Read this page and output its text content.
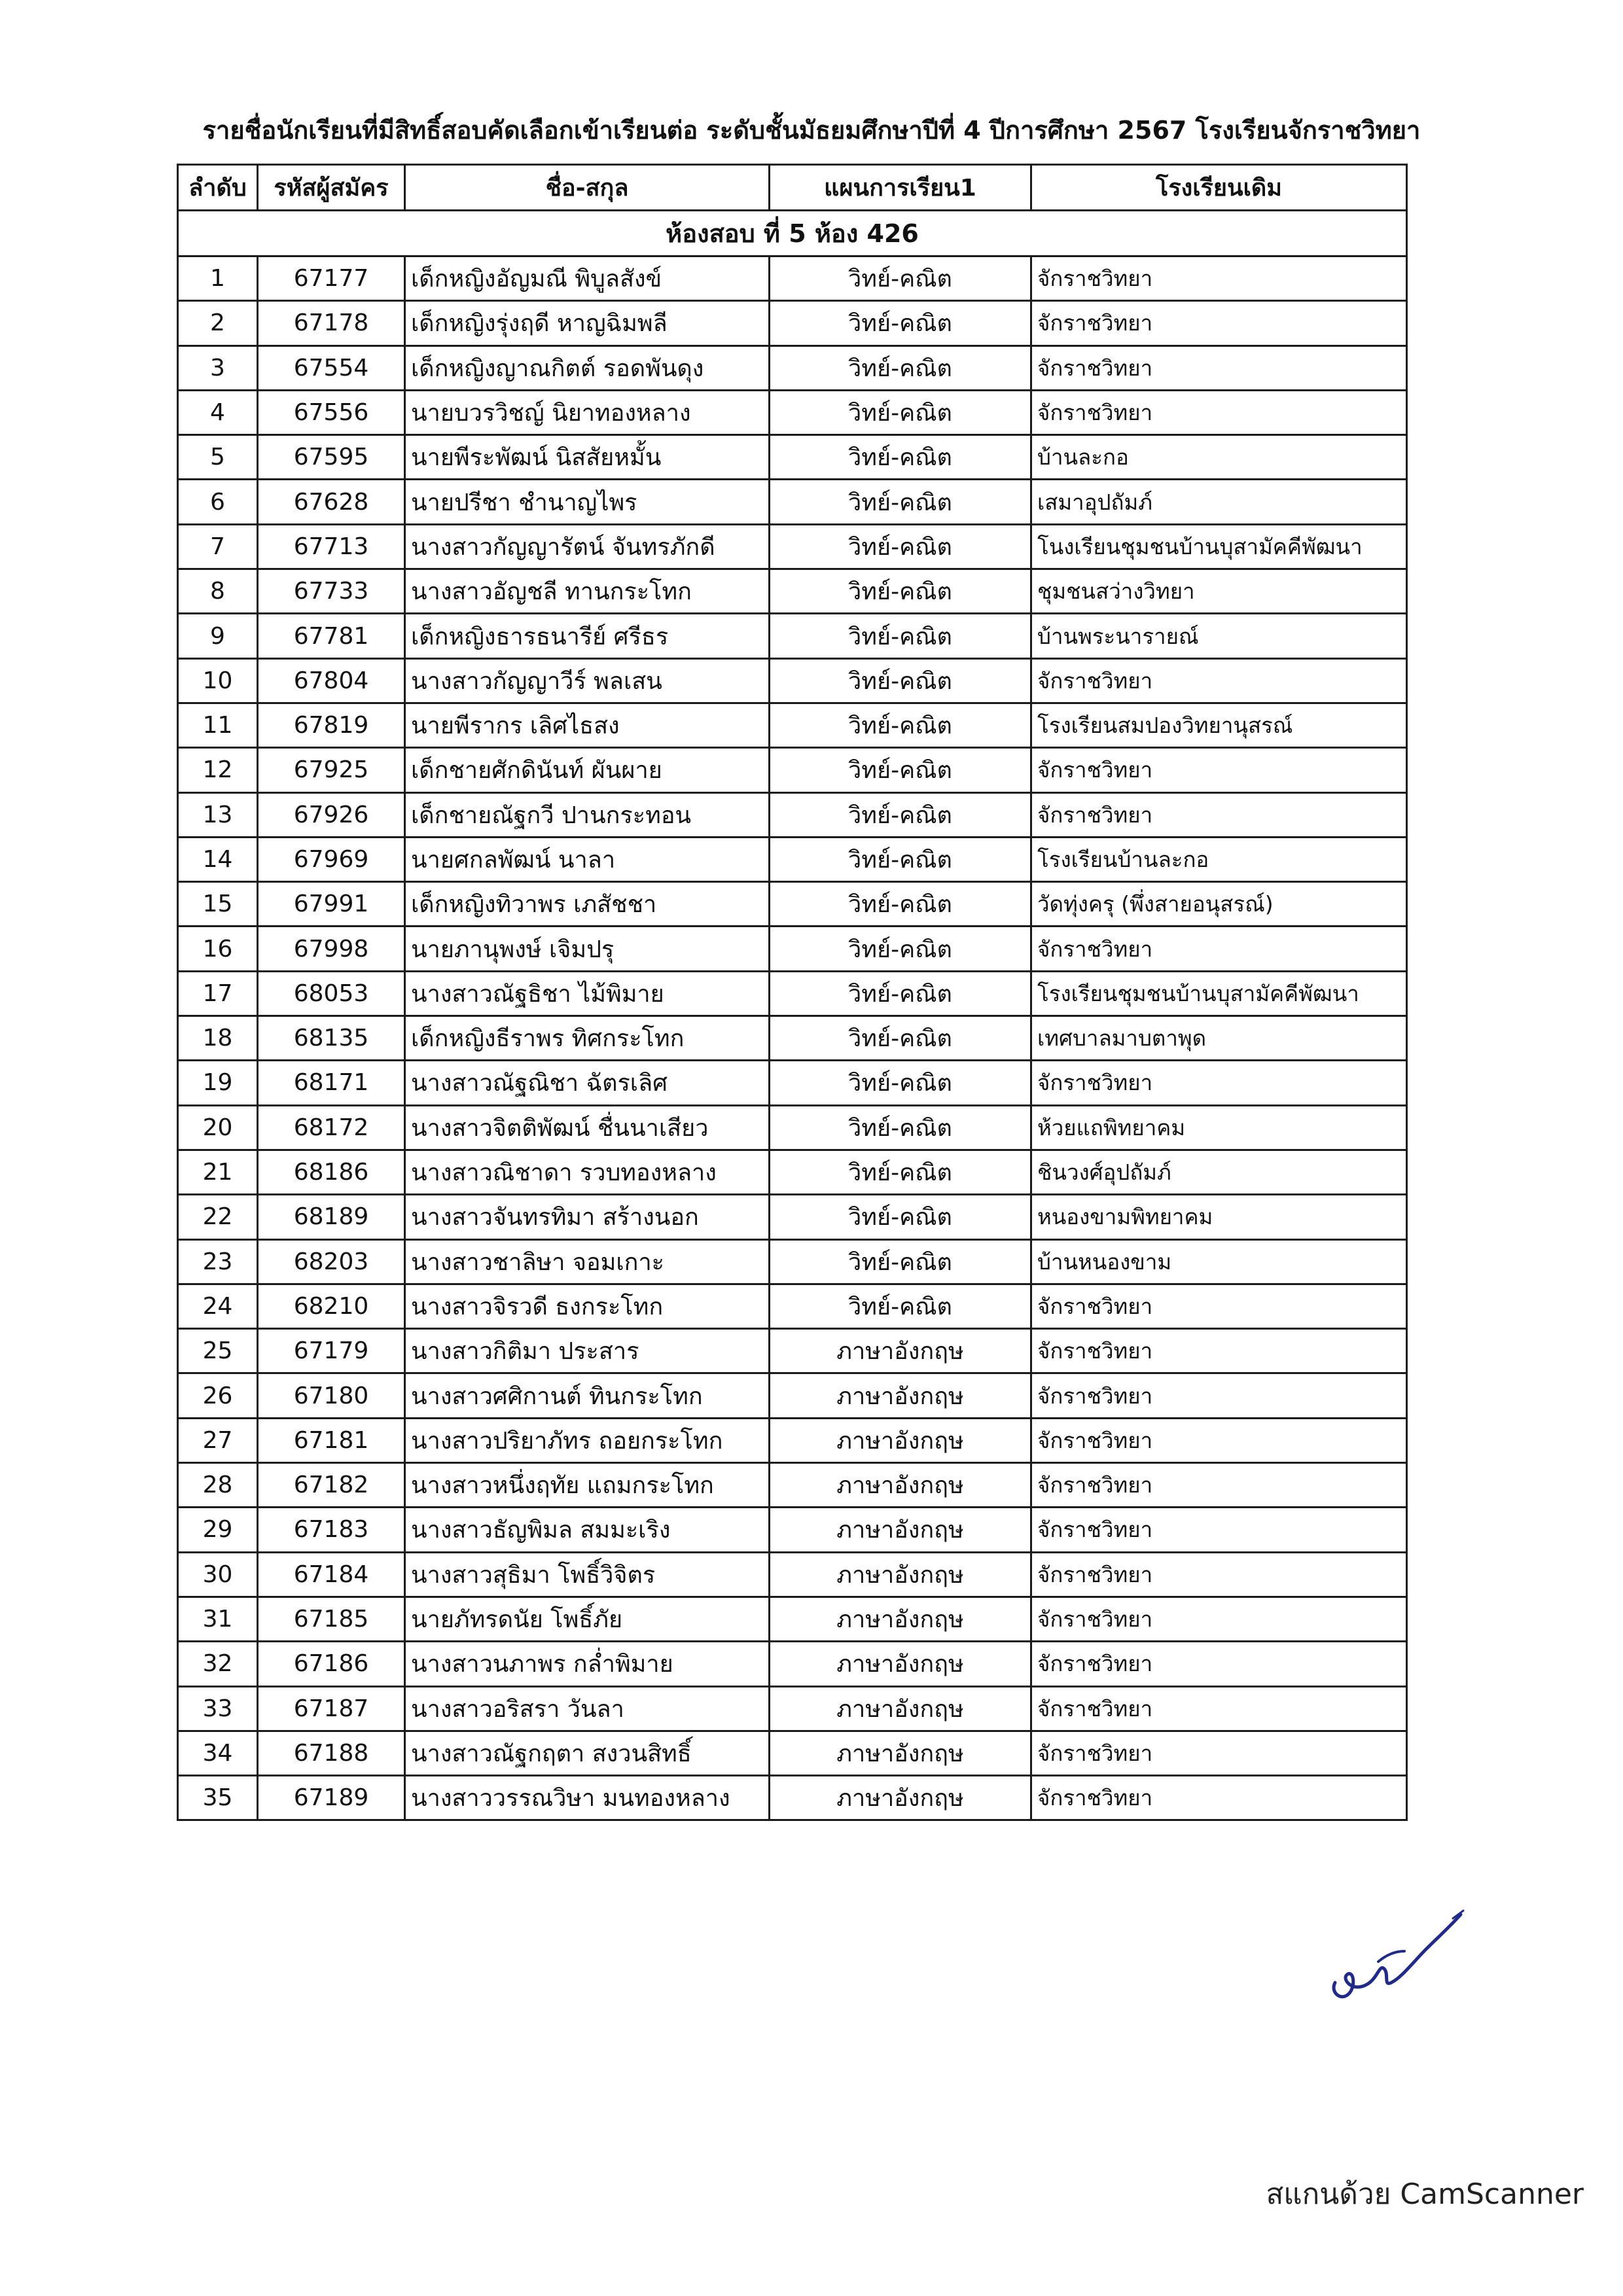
รายชื่อนักเรียนที่มีสิทธิ์สอบคัดเลือกเข้าเรียนต่อ ระดับชั้นมัธยมศึกษาปีที่ 4 ปีการศึกษา 2567 โรงเรียนจักราชวิทยา
ลำดับ	รหัสผู้สมัคร	ชื่อ-สกุล	แผนการเรียน1	โรงเรียนเดิม
ห้องสอบ ที่ 5 ห้อง 426				
1	67177	เด็กหญิงอัญมณี พิบูลสังข์	วิทย์-คณิต	จักราชวิทยา
2	67178	เด็กหญิงรุ่งฤดี หาญฉิมพลี	วิทย์-คณิต	จักราชวิทยา
3	67554	เด็กหญิงญาณกิตต์ รอดพันดุง	วิทย์-คณิต	จักราชวิทยา
4	67556	นายบวรวิชญ์ นิยาทองหลาง	วิทย์-คณิต	จักราชวิทยา
5	67595	นายพีระพัฒน์ นิสสัยหมั้น	วิทย์-คณิต	บ้านละกอ
6	67628	นายปรีชา ชำนาญไพร	วิทย์-คณิต	เสมาอุปถัมภ์
7	67713	นางสาวกัญญารัตน์ จันทรภักดี	วิทย์-คณิต	โนงเรียนชุมชนบ้านบุสามัคคีพัฒนา
8	67733	นางสาวอัญชลี ทานกระโทก	วิทย์-คณิต	ชุมชนสว่างวิทยา
9	67781	เด็กหญิงธารธนารีย์ ศรีธร	วิทย์-คณิต	บ้านพระนารายณ์
10	67804	นางสาวกัญญาวีร์ พลเสน	วิทย์-คณิต	จักราชวิทยา
11	67819	นายพีรากร เลิศไธสง	วิทย์-คณิต	โรงเรียนสมปองวิทยานุสรณ์
12	67925	เด็กชายศักดินันท์ ผันผาย	วิทย์-คณิต	จักราชวิทยา
13	67926	เด็กชายณัฐกวี ปานกระทอน	วิทย์-คณิต	จักราชวิทยา
14	67969	นายศกลพัฒน์ นาลา	วิทย์-คณิต	โรงเรียนบ้านละกอ
15	67991	เด็กหญิงทิวาพร เภสัชชา	วิทย์-คณิต	วัดทุ่งครุ (พึ่งสายอนุสรณ์)
16	67998	นายภานุพงษ์ เจิมปรุ	วิทย์-คณิต	จักราชวิทยา
17	68053	นางสาวณัฐธิชา ไม้พิมาย	วิทย์-คณิต	โรงเรียนชุมชนบ้านบุสามัคคีพัฒนา
18	68135	เด็กหญิงธีราพร ทิศกระโทก	วิทย์-คณิต	เทศบาลมาบตาพุด
19	68171	นางสาวณัฐณิชา ฉัตรเลิศ	วิทย์-คณิต	จักราชวิทยา
20	68172	นางสาวจิตติพัฒน์ ชื่นนาเสียว	วิทย์-คณิต	ห้วยแถพิทยาคม
21	68186	นางสาวณิชาดา รวบทองหลาง	วิทย์-คณิต	ชินวงศ์อุปถัมภ์
22	68189	นางสาวจันทรทิมา สร้างนอก	วิทย์-คณิต	หนองขามพิทยาคม
23	68203	นางสาวชาลิษา จอมเกาะ	วิทย์-คณิต	บ้านหนองขาม
24	68210	นางสาวจิรวดี ธงกระโทก	วิทย์-คณิต	จักราชวิทยา
25	67179	นางสาวกิติมา ประสาร	ภาษาอังกฤษ	จักราชวิทยา
26	67180	นางสาวศศิกานต์ ทินกระโทก	ภาษาอังกฤษ	จักราชวิทยา
27	67181	นางสาวปริยาภัทร ถอยกระโทก	ภาษาอังกฤษ	จักราชวิทยา
28	67182	นางสาวหนึ่งฤทัย แถมกระโทก	ภาษาอังกฤษ	จักราชวิทยา
29	67183	นางสาวธัญพิมล สมมะเริง	ภาษาอังกฤษ	จักราชวิทยา
30	67184	นางสาวสุธิมา โพธิ์วิจิตร	ภาษาอังกฤษ	จักราชวิทยา
31	67185	นายภัทรดนัย โพธิ์ภัย	ภาษาอังกฤษ	จักราชวิทยา
32	67186	นางสาวนภาพร กล่ำพิมาย	ภาษาอังกฤษ	จักราชวิทยา
33	67187	นางสาวอริสรา วันลา	ภาษาอังกฤษ	จักราชวิทยา
34	67188	นางสาวณัฐกฤตา สงวนสิทธิ์	ภาษาอังกฤษ	จักราชวิทยา
35	67189	นางสาววรรณวิษา มนทองหลาง	ภาษาอังกฤษ	จักราชวิทยา
สแกนด้วย CamScanner
